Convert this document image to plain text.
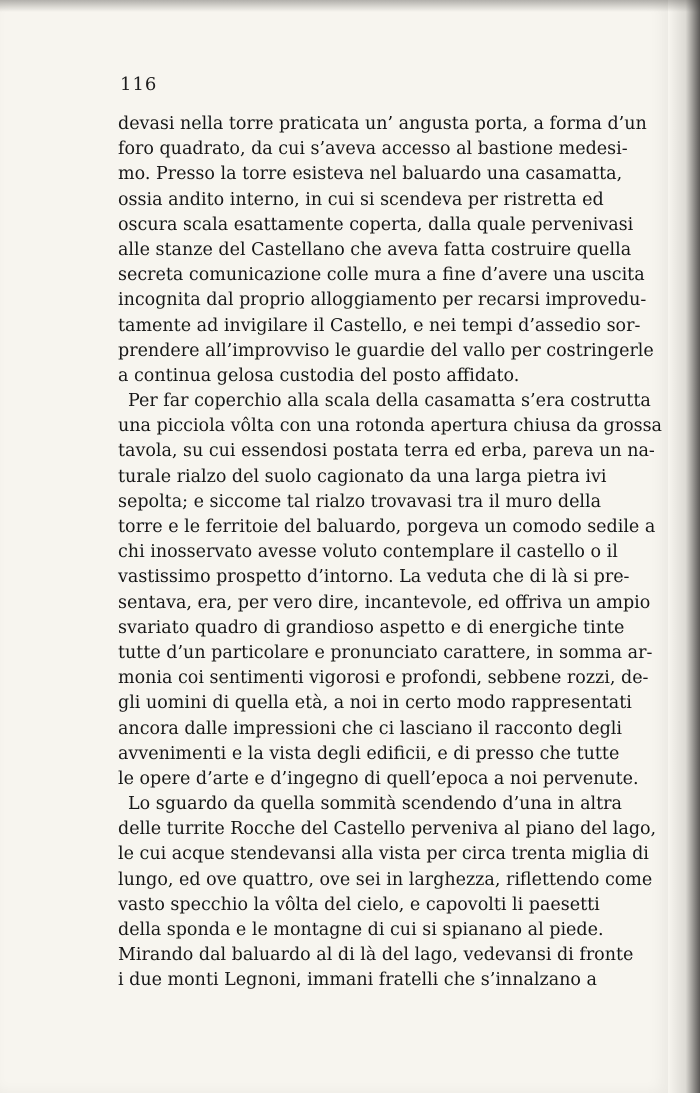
116
devasi nella torre praticata un’ angusta porta, a forma d’un
foro quadrato, da cui s’aveva accesso al bastione medesi-
mo. Presso la torre esisteva nel baluardo una casamatta,
ossia andito interno, in cui si scendeva per ristretta ed
oscura scala esattamente coperta, dalla quale pervenivasi
alle stanze del Castellano che aveva fatta costruire quella
secreta comunicazione colle mura a fine d’avere una uscita
incognita dal proprio alloggiamento per recarsi improvedu-
tamente ad invigilare il Castello, e nei tempi d’assedio sor-
prendere all’improvviso le guardie del vallo per costringerle
a continua gelosa custodia del posto affidato.
Per far coperchio alla scala della casamatta s’era costrutta
una picciola vôlta con una rotonda apertura chiusa da grossa
tavola, su cui essendosi postata terra ed erba, pareva un na-
turale rialzo del suolo cagionato da una larga pietra ivi
sepolta; e siccome tal rialzo trovavasi tra il muro della
torre e le ferritoie del baluardo, porgeva un comodo sedile a
chi inosservato avesse voluto contemplare il castello o il
vastissimo prospetto d’intorno. La veduta che di là si pre-
sentava, era, per vero dire, incantevole, ed offriva un ampio
svariato quadro di grandioso aspetto e di energiche tinte
tutte d’un particolare e pronunciato carattere, in somma ar-
monia coi sentimenti vigorosi e profondi, sebbene rozzi, de-
gli uomini di quella età, a noi in certo modo rappresentati
ancora dalle impressioni che ci lasciano il racconto degli
avvenimenti e la vista degli edificii, e di presso che tutte
le opere d’arte e d’ingegno di quell’epoca a noi pervenute.
Lo sguardo da quella sommità scendendo d’una in altra
delle turrite Rocche del Castello perveniva al piano del lago,
le cui acque stendevansi alla vista per circa trenta miglia di
lungo, ed ove quattro, ove sei in larghezza, riflettendo come
vasto specchio la vôlta del cielo, e capovolti li paesetti
della sponda e le montagne di cui si spianano al piede.
Mirando dal baluardo al di là del lago, vedevansi di fronte
i due monti Legnoni, immani fratelli che s’innalzano a
